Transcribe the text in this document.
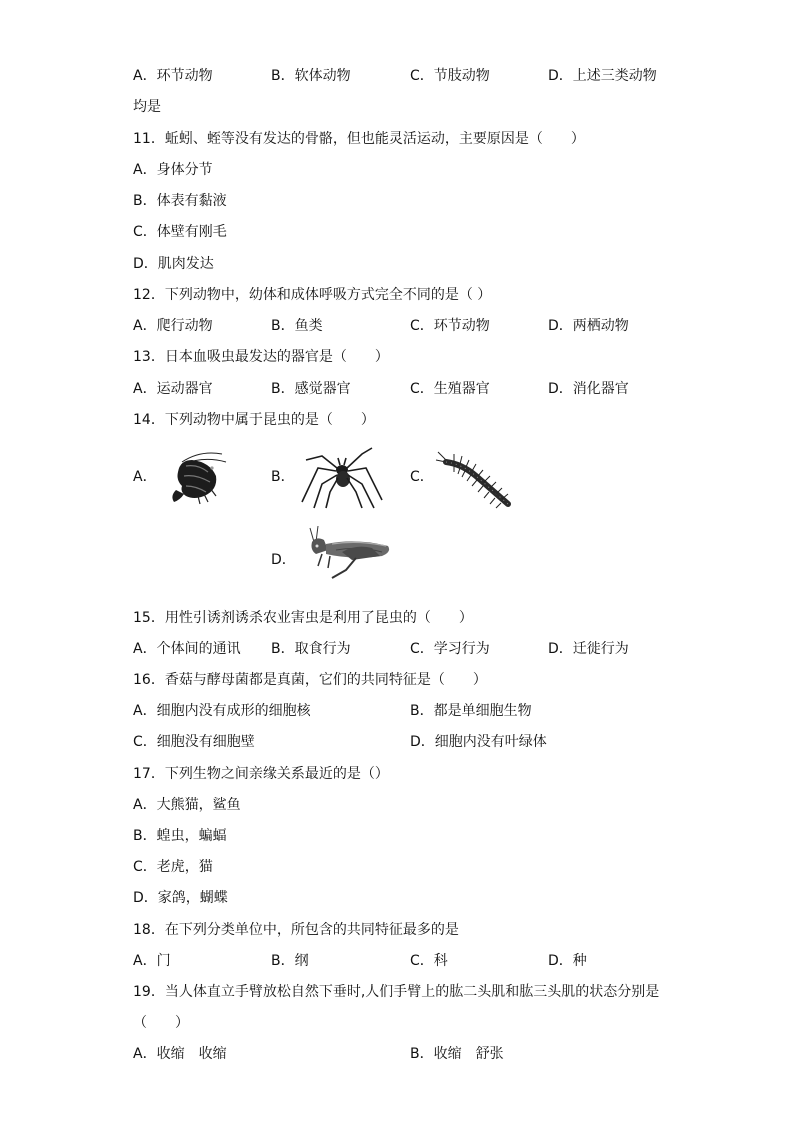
A．环节动物	B．软体动物	C．节肢动物	D．上述三类动物
均是
11．蚯蚓、蛭等没有发达的骨骼，但也能灵活运动，主要原因是（　　）
A．身体分节
B．体表有黏液
C．体壁有刚毛
D．肌肉发达
12．下列动物中，幼体和成体呼吸方式完全不同的是（ ）
A．爬行动物	B．鱼类	C．环节动物	D．两栖动物
13．日本血吸虫最发达的器官是（　　）
A．运动器官	B．感觉器官	C．生殖器官	D．消化器官
14．下列动物中属于昆虫的是（　　）
A．	B．	C．
D．
15．用性引诱剂诱杀农业害虫是利用了昆虫的（　　）
A．个体间的通讯 B．取食行为	C．学习行为	D．迁徙行为
16．香菇与酵母菌都是真菌，它们的共同特征是（　　）
A．细胞内没有成形的细胞核	B．都是单细胞生物
C．细胞没有细胞壁	D．细胞内没有叶绿体
17．下列生物之间亲缘关系最近的是（）
A．大熊猫，鲨鱼
B．蝗虫，蝙蝠
C．老虎，猫
D．家鸽，蝴蝶
18．在下列分类单位中，所包含的共同特征最多的是
A．门	B．纲	C．科	D．种
19．当人体直立手臂放松自然下垂时,人们手臂上的肱二头肌和肱三头肌的状态分别是
（　　）
A．收缩　收缩	B．收缩　舒张
